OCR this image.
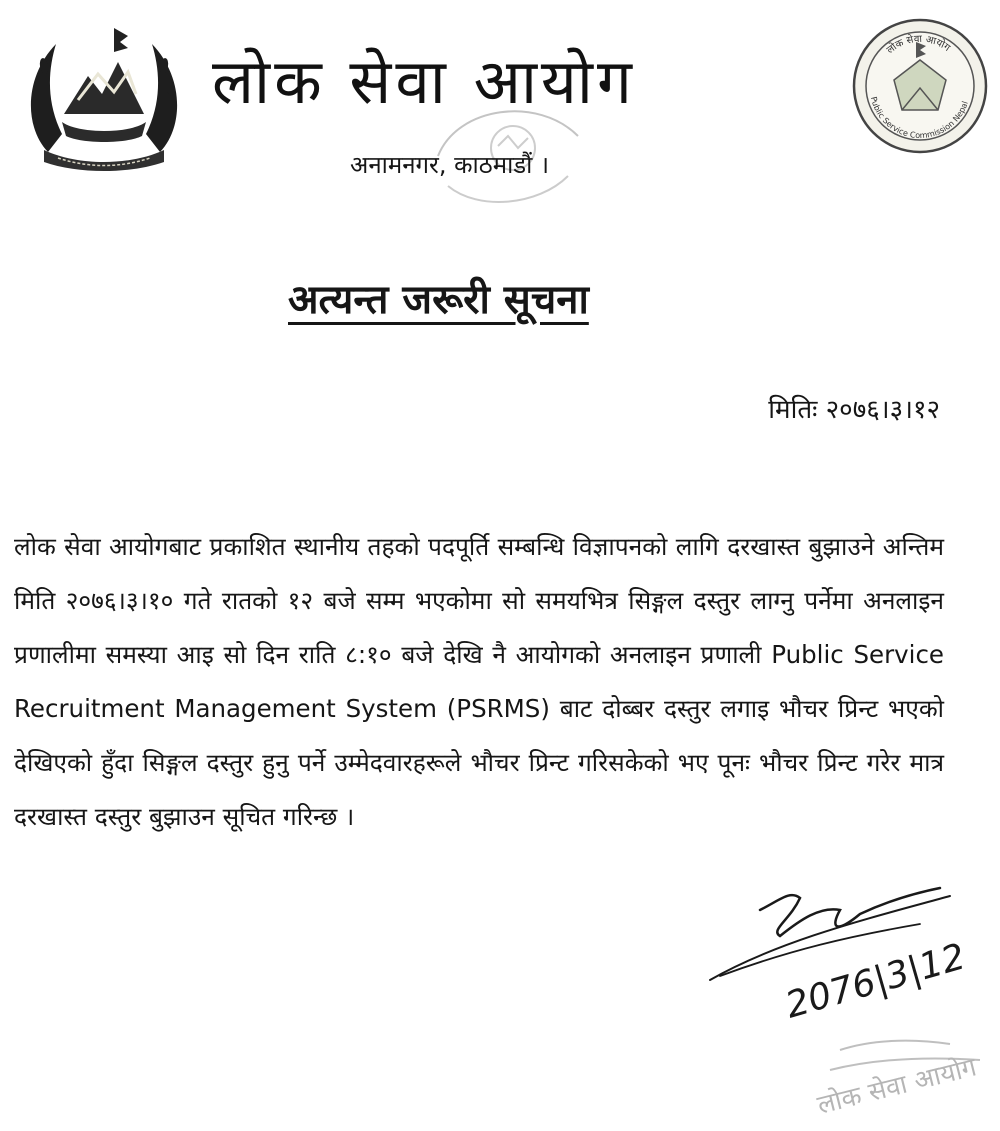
लोक सेवा आयोग
अनामनगर, काठमाडौं ।
लोक सेवा आयोग
Public Service Commission Nepal
अत्यन्त जरूरी सूचना
मितिः २०७६।३।१२

लोक सेवा आयोगबाट प्रकाशित स्थानीय तहको पदपूर्ति सम्बन्धि विज्ञापनको लागि दरखास्त बुझाउने अन्तिम मिति २०७६।३।१० गते रातको १२ बजे सम्म भएकोमा सो समयभित्र सिङ्गल दस्तुर लाग्नु पर्नेमा अनलाइन प्रणालीमा समस्या आइ सो दिन राति ८:१० बजे देखि नै आयोगको अनलाइन प्रणाली Public Service Recruitment Management System (PSRMS) बाट दोब्बर दस्तुर लगाइ भौचर प्रिन्ट भएको देखिएको हुँदा सिङ्गल दस्तुर हुनु पर्ने उम्मेदवारहरूले भौचर प्रिन्ट गरिसकेको भए पूनः भौचर प्रिन्ट गरेर मात्र दरखास्त दस्तुर बुझाउन सूचित गरिन्छ ।

2076|3|12
लोक सेवा आयोग
